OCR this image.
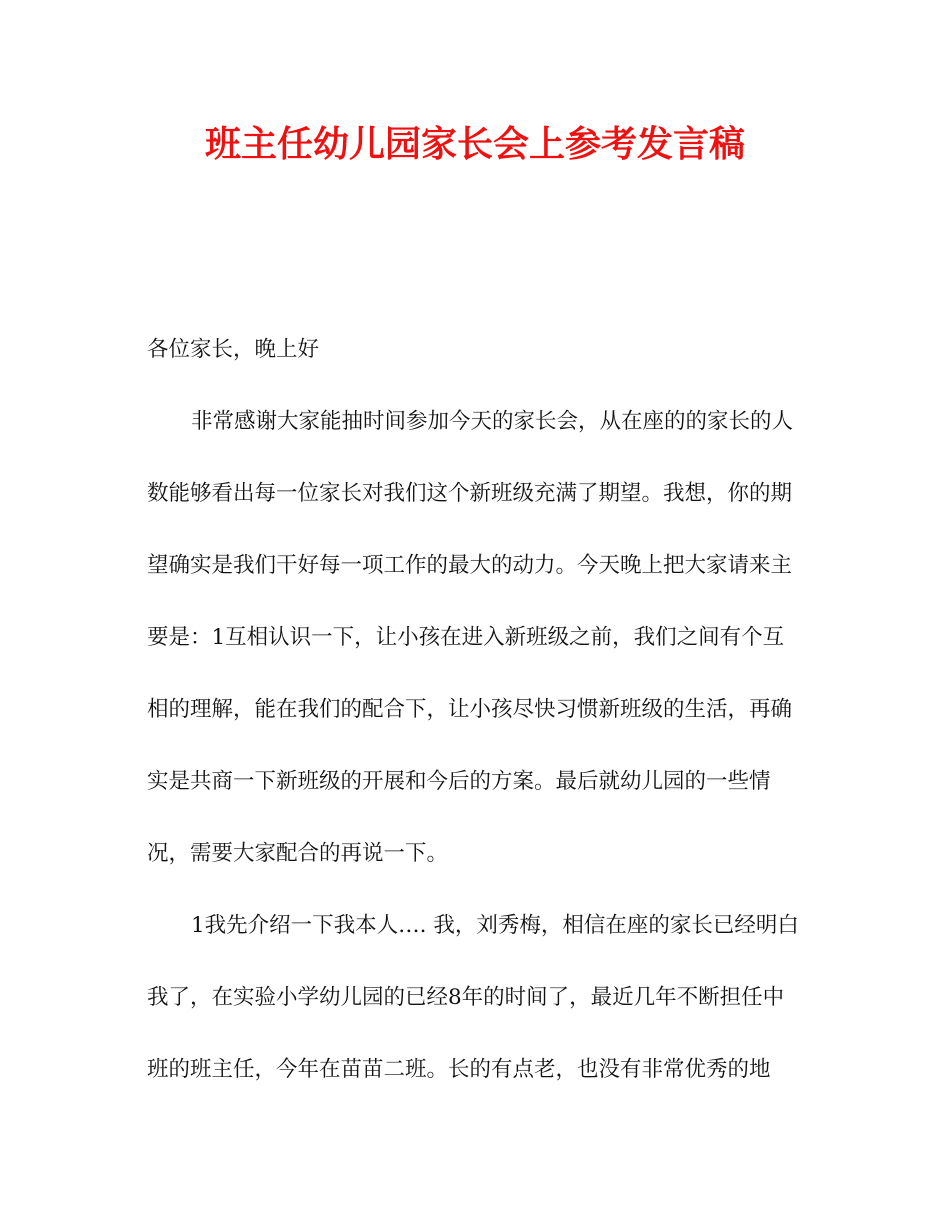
班主任幼儿园家长会上参考发言稿
各位家长，晚上好
非常感谢大家能抽时间参加今天的家长会，从在座的的家长的人
数能够看出每一位家长对我们这个新班级充满了期望。我想，你的期
望确实是我们干好每一项工作的最大的动力。今天晚上把大家请来主
要是：1互相认识一下，让小孩在进入新班级之前，我们之间有个互
相的理解，能在我们的配合下，让小孩尽快习惯新班级的生活，再确
实是共商一下新班级的开展和今后的方案。最后就幼儿园的一些情
况，需要大家配合的再说一下。
1我先介绍一下我本人…. 我，刘秀梅，相信在座的家长已经明白
我了，在实验小学幼儿园的已经8年的时间了，最近几年不断担任中
班的班主任，今年在苗苗二班。长的有点老，也没有非常优秀的地
